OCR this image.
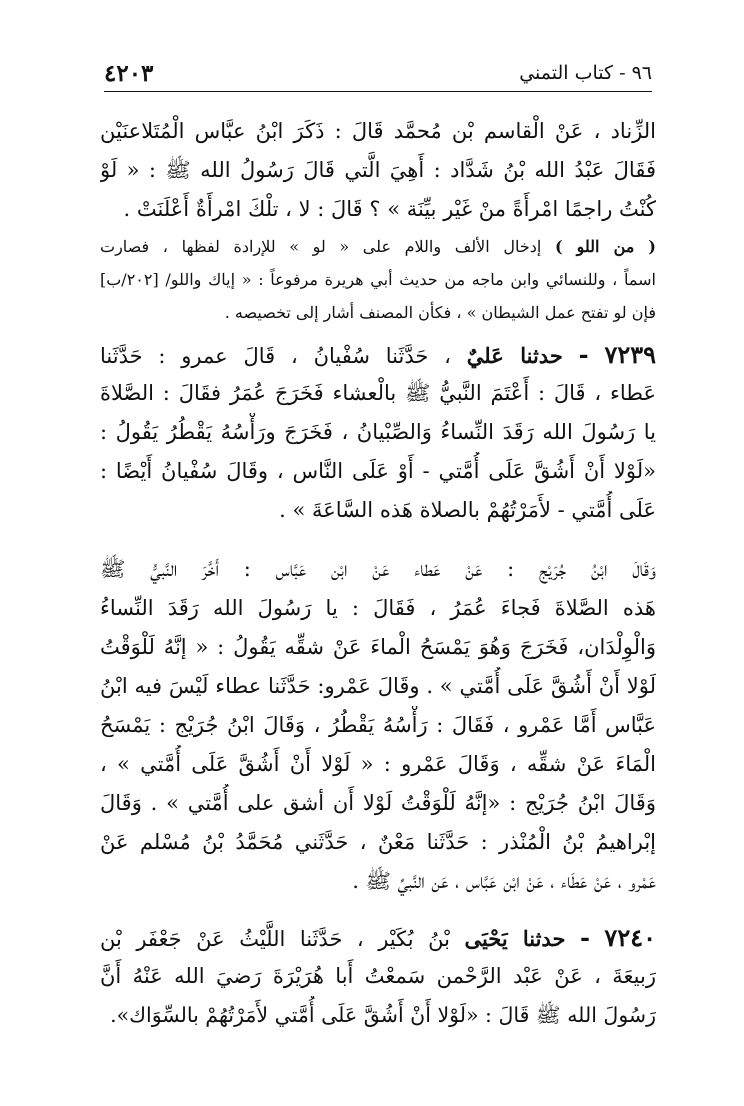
٤٢٠٣	٩٦ - كتاب التمني
الزِّناد ، عَنْ الْقاسم بْن مُحمَّد قَالَ : ذَكَرَ ابْنُ عبَّاس الْمُتَلاعنَيْن
فَقَالَ عَبْدُ الله بْنُ شَدَّاد : أَهِيَ الَّتي قَالَ رَسُولُ الله ﷺ : « لَوْ
كُنْتُ راجمًا امْرأَةً منْ غَيْر بيِّنَة » ؟ قَالَ : لا ، تلْكَ امْرأَةٌ أَعْلَنَتْ .
( من اللو ) إدخال الألف واللام على « لو » للإرادة لفظها ، فصارت
اسماً ، وللنسائي وابن ماجه من حديث أبي هريرة مرفوعاً : « إياك واللو/ [٢٠٢/ب]
فإن لو تفتح عمل الشيطان » ، فكأن المصنف أشار إلى تخصيصه .
٧٢٣٩ - حدثنا عَليٌ ، حَدَّثَنا سُفْيانُ ، قَالَ عمرو : حَدَّثَنا
عَطاء ، قَالَ : أَعْتَمَ النَّبيُّ ﷺ بالْعشاء فَخَرَجَ عُمَرُ فقَالَ : الصَّلاةَ
يا رَسُولَ الله رَقَدَ النِّساءُ وَالصِّبْيانُ ، فَخَرَجَ ورَأْسُهُ يَقْطُرُ يَقُولُ :
«لَوْلا أَنْ أَشُقَّ عَلَى أُمَّتي - أَوْ عَلَى النَّاس ، وقَالَ سُفْيانُ أَيْضًا :
عَلَى أُمَّتي - لأَمَرْتُهُمْ بالصلاة هَذه السَّاعَةَ » .
وَقَالَ ابْنُ جُرَيْج : عَنْ عَطاء عَنْ ابْن عَبَّاس : أَخَّرَ النَّبيُّ ﷺ
هَذه الصَّلاةَ فَجاءَ عُمَرُ ، فَقَالَ : يا رَسُولَ الله رَقَدَ النِّساءُ
وَالْوِلْدَان، فَخَرَجَ وَهُوَ يَمْسَحُ الْماءَ عَنْ شقِّه يَقُولُ : « إنَّهُ لَلْوَقْتُ
لَوْلا أَنْ أَشُقَّ عَلَى أُمَّتي » . وقَالَ عَمْرو: حَدَّثَنا عطاء لَيْسَ فيه ابْنُ
عَبَّاس أَمَّا عَمْرو ، فَقَالَ : رَأْسُهُ يَقْطُرُ ، وَقَالَ ابْنُ جُرَيْج : يَمْسَحُ
الْمَاءَ عَنْ شقِّه ، وَقَالَ عَمْرو : « لَوْلا أَنْ أَشُقَّ عَلَى أُمَّتي » ،
وَقَالَ ابْنُ جُرَيْج : «إنَّهُ لَلْوَقْتُ لَوْلا أَن أشق على أُمَّتي » . وَقَالَ
إبْراهيمُ بْنُ الْمُنْذر : حَدَّثَنا مَعْنٌ ، حَدَّثَني مُحَمَّدُ بْنُ مُسْلم عَنْ
عَمْرو ، عَنْ عَطَاء ، عَنْ ابْن عَبَّاس ، عَن النَّبيِّ ﷺ .
٧٢٤٠ - حدثنا يَحْيَى بْنُ بُكَيْر ، حَدَّثَنا اللَّيْثُ عَنْ جَعْفَر بْن
رَبيعَةَ ، عَنْ عَبْد الرَّحْمن سَمعْتُ أَبا هُرَيْرَةَ رَضيَ الله عَنْهُ أَنَّ
رَسُولَ الله ﷺ قَالَ : «لَوْلا أَنْ أَشُقَّ عَلَى أُمَّتي لأَمَرْتُهُمْ بالسِّوَاك».
